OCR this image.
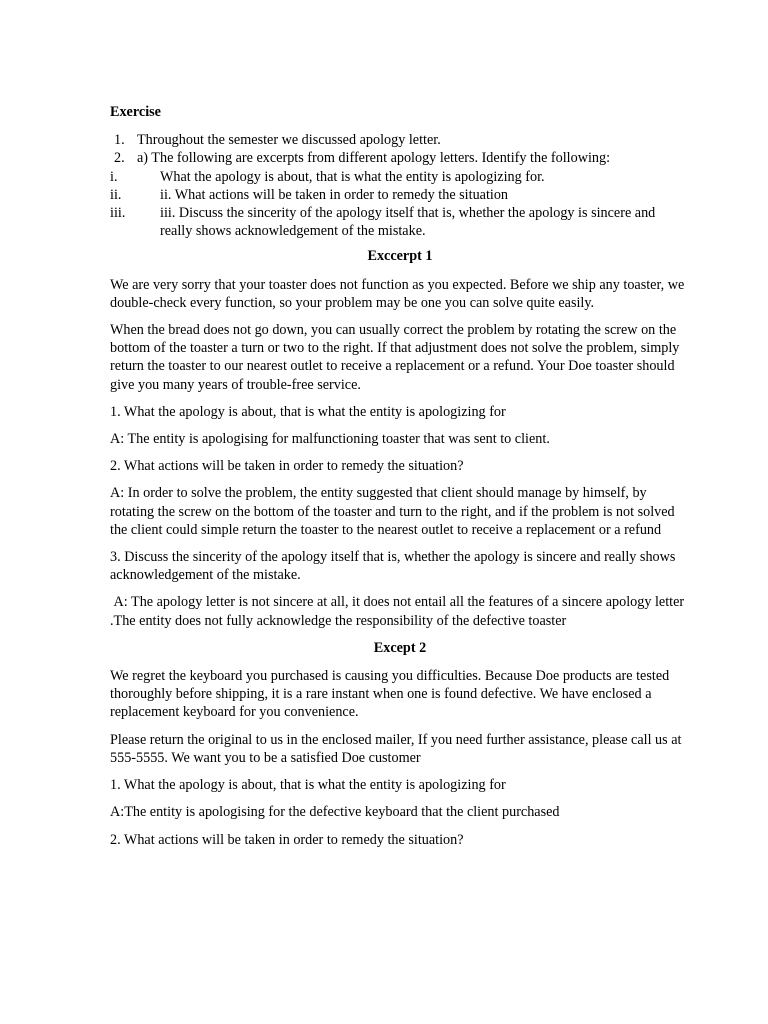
Exercise
1. Throughout the semester we discussed apology letter.
2. a) The following are excerpts from different apology letters. Identify the following:
i.	What the apology is about, that is what the entity is apologizing for.
ii.	ii. What actions will be taken in order to remedy the situation
iii.	iii. Discuss the sincerity of the apology itself that is, whether the apology is sincere and really shows acknowledgement of the mistake.
Exccerpt 1

We are very sorry that your toaster does not function as you expected. Before we ship any toaster, we double-check every function, so your problem may be one you can solve quite easily.

When the bread does not go down, you can usually correct the problem by rotating the screw on the bottom of the toaster a turn or two to the right. If that adjustment does not solve the problem, simply return the toaster to our nearest outlet to receive a replacement or a refund. Your Doe toaster should give you many years of trouble-free service.

1. What the apology is about, that is what the entity is apologizing for

A: The entity is apologising for malfunctioning toaster that was sent to client.

2. What actions will be taken in order to remedy the situation?

A: In order to solve the problem, the entity suggested that client should manage by himself, by rotating the screw on the bottom of the toaster and turn to the right, and if the problem is not solved the client could simple return the toaster to the nearest outlet to receive a replacement or a refund

3. Discuss the sincerity of the apology itself that is, whether the apology is sincere and really shows acknowledgement of the mistake.

A: The apology letter is not sincere at all, it does not entail all the features of a sincere apology letter .The entity does not fully acknowledge the responsibility of the defective toaster

Except 2

We regret the keyboard you purchased is causing you difficulties. Because Doe products are tested thoroughly before shipping, it is a rare instant when one is found defective. We have enclosed a replacement keyboard for you convenience.

Please return the original to us in the enclosed mailer, If you need further assistance, please call us at 555-5555. We want you to be a satisfied Doe customer

1. What the apology is about, that is what the entity is apologizing for

A:The entity is apologising for the defective keyboard that the client purchased

2. What actions will be taken in order to remedy the situation?
